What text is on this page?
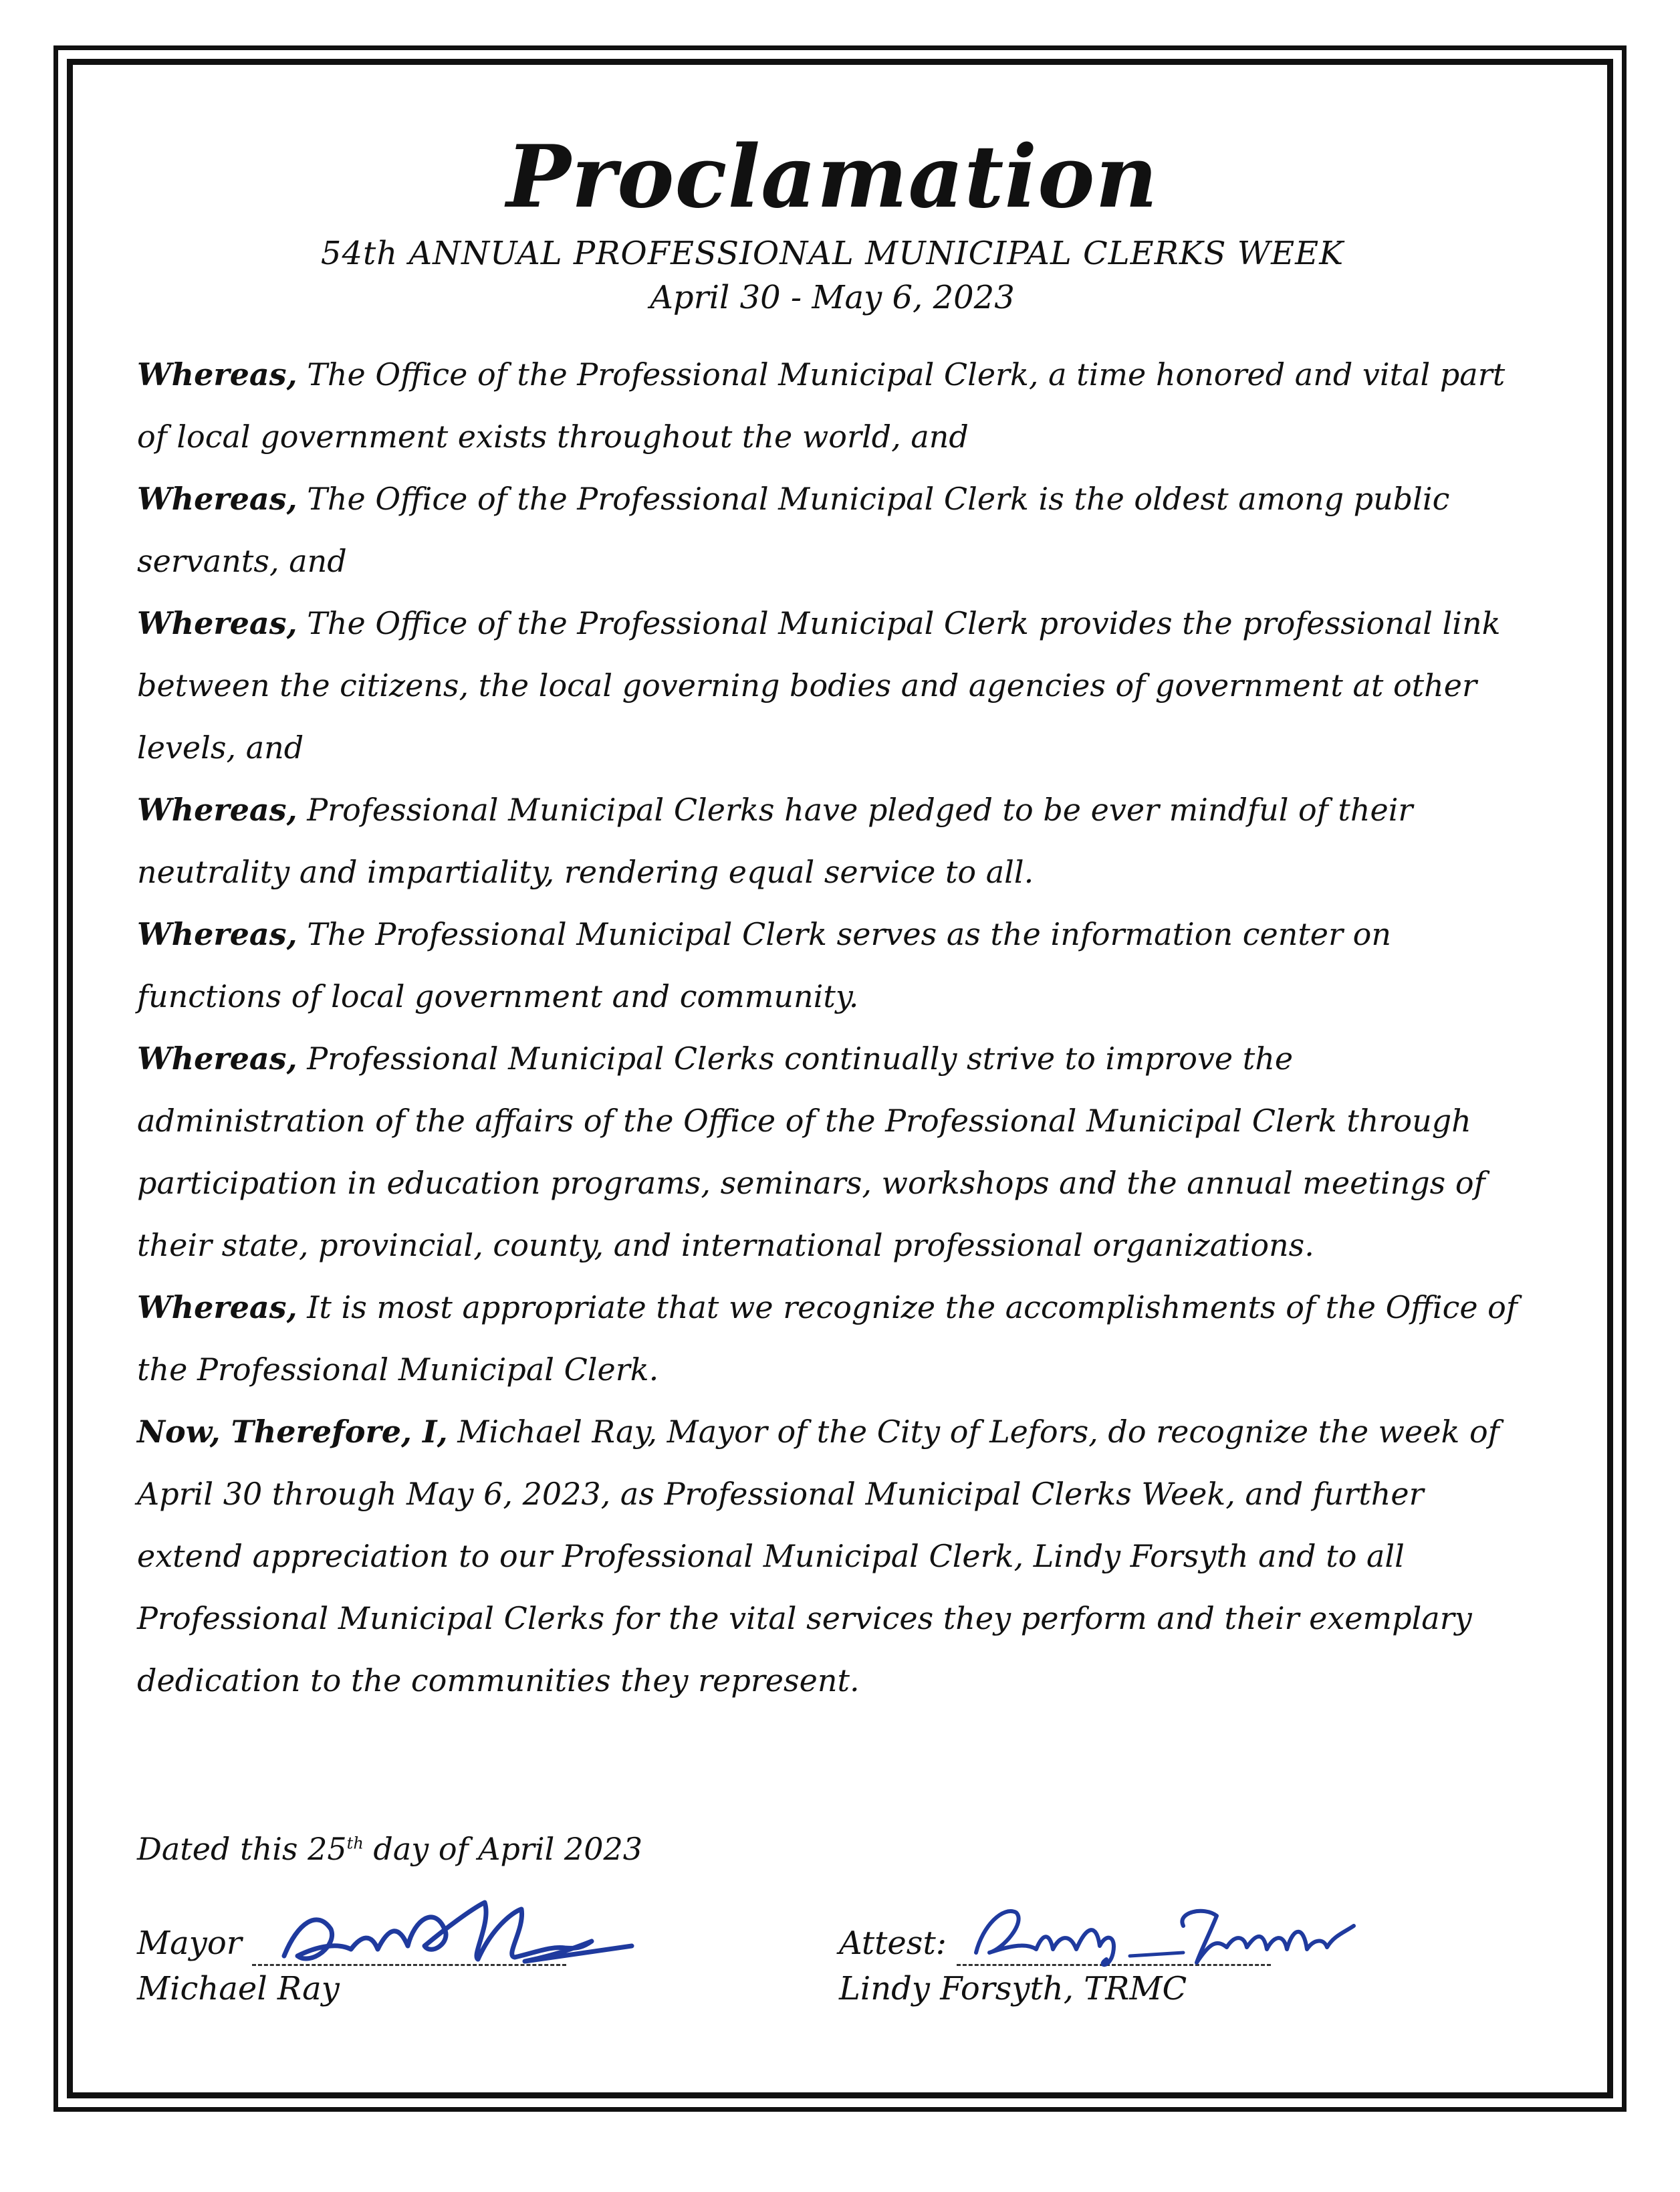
Proclamation
54th ANNUAL PROFESSIONAL MUNICIPAL CLERKS WEEK
April 30 - May 6, 2023

Whereas, The Office of the Professional Municipal Clerk, a time honored and vital part of local government exists throughout the world, and

Whereas, The Office of the Professional Municipal Clerk is the oldest among public servants, and

Whereas, The Office of the Professional Municipal Clerk provides the professional link between the citizens, the local governing bodies and agencies of government at other levels, and

Whereas, Professional Municipal Clerks have pledged to be ever mindful of their neutrality and impartiality, rendering equal service to all.

Whereas, The Professional Municipal Clerk serves as the information center on functions of local government and community.

Whereas, Professional Municipal Clerks continually strive to improve the administration of the affairs of the Office of the Professional Municipal Clerk through participation in education programs, seminars, workshops and the annual meetings of their state, provincial, county, and international professional organizations.

Whereas, It is most appropriate that we recognize the accomplishments of the Office of the Professional Municipal Clerk.

Now, Therefore, I, Michael Ray, Mayor of the City of Lefors, do recognize the week of April 30 through May 6, 2023, as Professional Municipal Clerks Week, and further extend appreciation to our Professional Municipal Clerk, Lindy Forsyth and to all Professional Municipal Clerks for the vital services they perform and their exemplary dedication to the communities they represent.

Dated this 25th day of April 2023
Mayor
Michael Ray
Attest:
Lindy Forsyth, TRMC
